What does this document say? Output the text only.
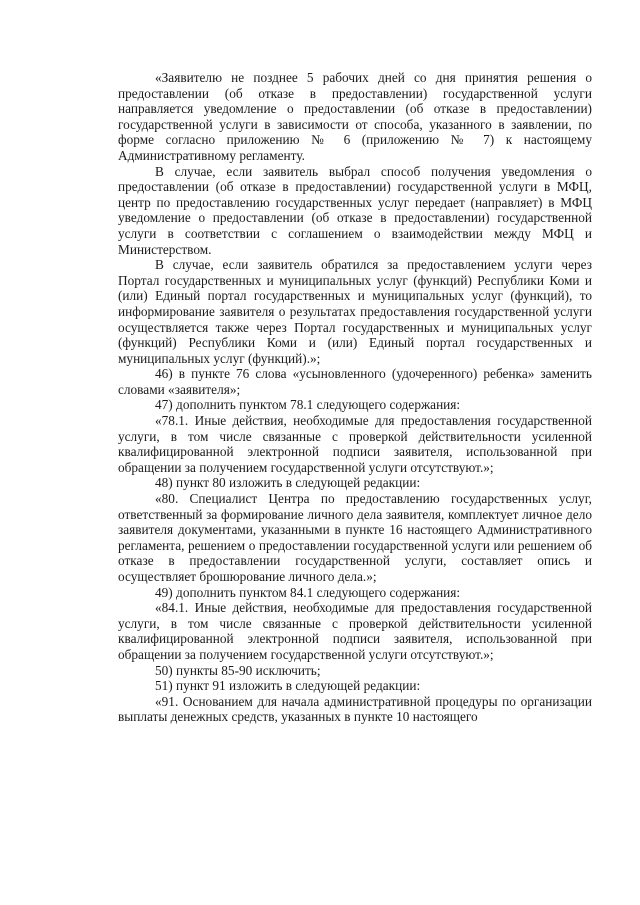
«Заявителю не позднее 5 рабочих дней со дня принятия решения о предоставлении (об отказе в предоставлении) государственной услуги направляется уведомление о предоставлении (об отказе в предоставлении) государственной услуги в зависимости от способа, указанного в заявлении, по форме согласно приложению № 6 (приложению № 7) к настоящему Административному регламенту.

В случае, если заявитель выбрал способ получения уведомления о предоставлении (об отказе в предоставлении) государственной услуги в МФЦ, центр по предоставлению государственных услуг передает (направляет) в МФЦ уведомление о предоставлении (об отказе в предоставлении) государственной услуги в соответствии с соглашением о взаимодействии между МФЦ и Министерством.

В случае, если заявитель обратился за предоставлением услуги через Портал государственных и муниципальных услуг (функций) Республики Коми и (или) Единый портал государственных и муниципальных услуг (функций), то информирование заявителя о результатах предоставления государственной услуги осуществляется также через Портал государственных и муниципальных услуг (функций) Республики Коми и (или) Единый портал государственных и муниципальных услуг (функций).»;

46) в пункте 76 слова «усыновленного (удочеренного) ребенка» заменить словами «заявителя»;

47) дополнить пунктом 78.1 следующего содержания:

«78.1. Иные действия, необходимые для предоставления государственной услуги, в том числе связанные с проверкой действительности усиленной квалифицированной электронной подписи заявителя, использованной при обращении за получением государственной услуги отсутствуют.»;

48) пункт 80 изложить в следующей редакции:

«80. Специалист Центра по предоставлению государственных услуг, ответственный за формирование личного дела заявителя, комплектует личное дело заявителя документами, указанными в пункте 16 настоящего Административного регламента, решением о предоставлении государственной услуги или решением об отказе в предоставлении государственной услуги, составляет опись и осуществляет брошюрование личного дела.»;

49) дополнить пунктом 84.1 следующего содержания:

«84.1. Иные действия, необходимые для предоставления государственной услуги, в том числе связанные с проверкой действительности усиленной квалифицированной электронной подписи заявителя, использованной при обращении за получением государственной услуги отсутствуют.»;

50) пункты 85-90 исключить;

51) пункт 91 изложить в следующей редакции:

«91. Основанием для начала административной процедуры по организации выплаты денежных средств, указанных в пункте 10 настоящего
